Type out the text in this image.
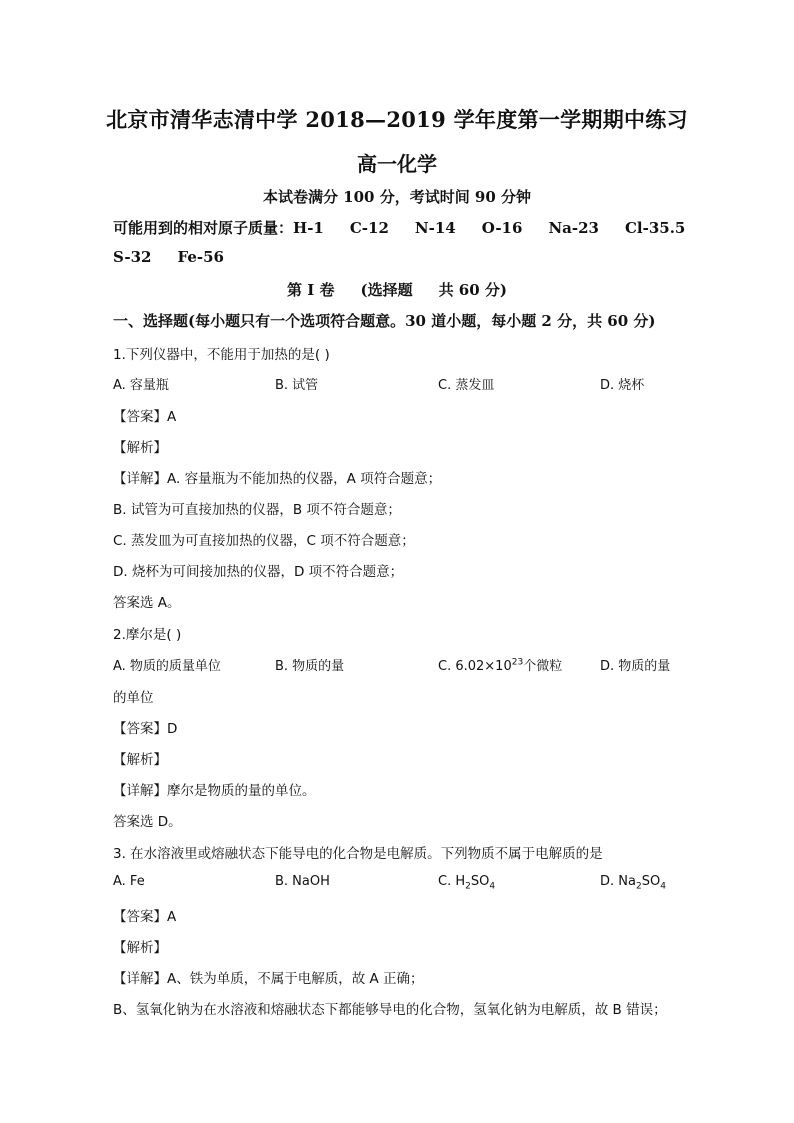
北京市清华志清中学 2018—2019 学年度第一学期期中练习
高一化学
本试卷满分 100 分，考试时间 90 分钟
可能用到的相对原子质量：H-1 C-12 N-14 O-16 Na-23 Cl-35.5
S-32 Fe-56
第 I 卷 (选择题 共 60 分)
一、选择题(每小题只有一个选项符合题意。30 道小题，每小题 2 分，共 60 分)
1.下列仪器中，不能用于加热的是( )
A. 容量瓶	B. 试管	C. 蒸发皿	D. 烧杯
【答案】A
【解析】
【详解】A. 容量瓶为不能加热的仪器，A 项符合题意；
B. 试管为可直接加热的仪器，B 项不符合题意；
C. 蒸发皿为可直接加热的仪器，C 项不符合题意；
D. 烧杯为可间接加热的仪器，D 项不符合题意；
答案选 A。
2.摩尔是( )
A. 物质的质量单位	B. 物质的量	C. $6.02\times 10^{23}$个微粒	D. 物质的量
的单位
【答案】D
【解析】
【详解】摩尔是物质的量的单位。
答案选 D。
3. 在水溶液里或熔融状态下能导电的化合物是电解质。下列物质不属于电解质的是
A. Fe	B. NaOH	C. $H_2SO_4$	D. $Na_2SO_4$
【答案】A
【解析】
【详解】A、铁为单质，不属于电解质，故 A 正确；
B、氢氧化钠为在水溶液和熔融状态下都能够导电的化合物，氢氧化钠为电解质，故 B 错误；
